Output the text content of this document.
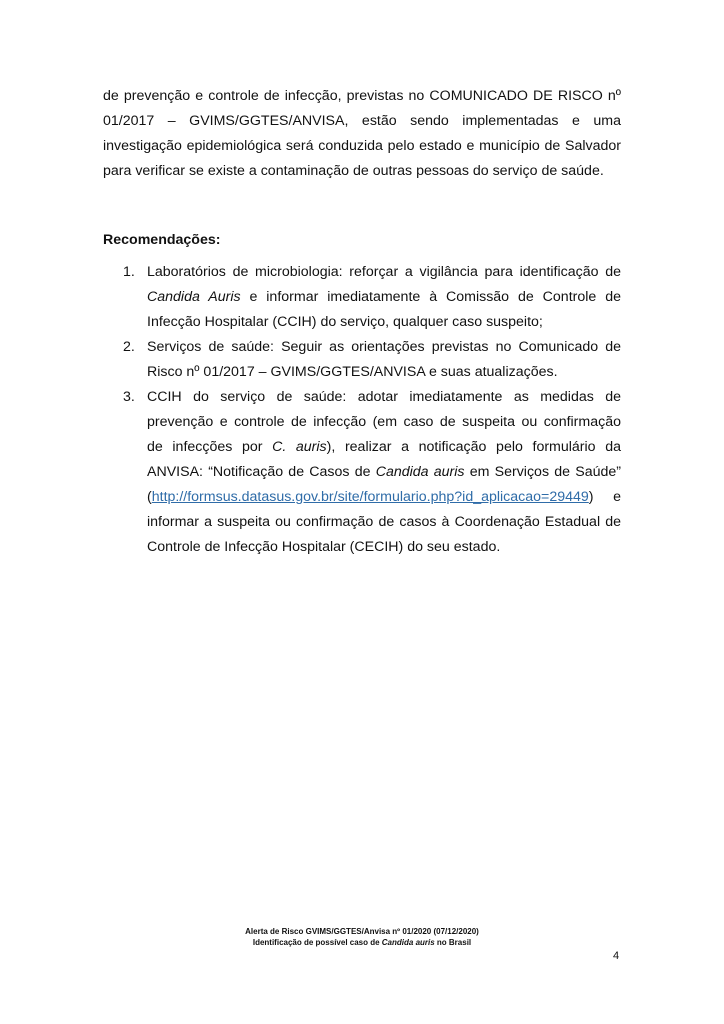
de prevenção e controle de infecção, previstas no COMUNICADO DE RISCO nº
01/2017 – GVIMS/GGTES/ANVISA, estão sendo implementadas e uma
investigação epidemiológica será conduzida pelo estado e município de Salvador
para verificar se existe a contaminação de outras pessoas do serviço de saúde.
Recomendações:
1. Laboratórios de microbiologia: reforçar a vigilância para identificação de
Candida Auris e informar imediatamente à Comissão de Controle de
Infecção Hospitalar (CCIH) do serviço, qualquer caso suspeito;
2. Serviços de saúde: Seguir as orientações previstas no Comunicado de
Risco nº 01/2017 – GVIMS/GGTES/ANVISA e suas atualizações.
3. CCIH do serviço de saúde: adotar imediatamente as medidas de
prevenção e controle de infecção (em caso de suspeita ou confirmação
de infecções por C. auris), realizar a notificação pelo formulário da
ANVISA: “Notificação de Casos de Candida auris em Serviços de Saúde”
(http://formsus.datasus.gov.br/site/formulario.php?id_aplicacao=29449) e
informar a suspeita ou confirmação de casos à Coordenação Estadual de
Controle de Infecção Hospitalar (CECIH) do seu estado.
Alerta de Risco GVIMS/GGTES/Anvisa nº 01/2020 (07/12/2020)
Identificação de possível caso de Candida auris no Brasil
4
